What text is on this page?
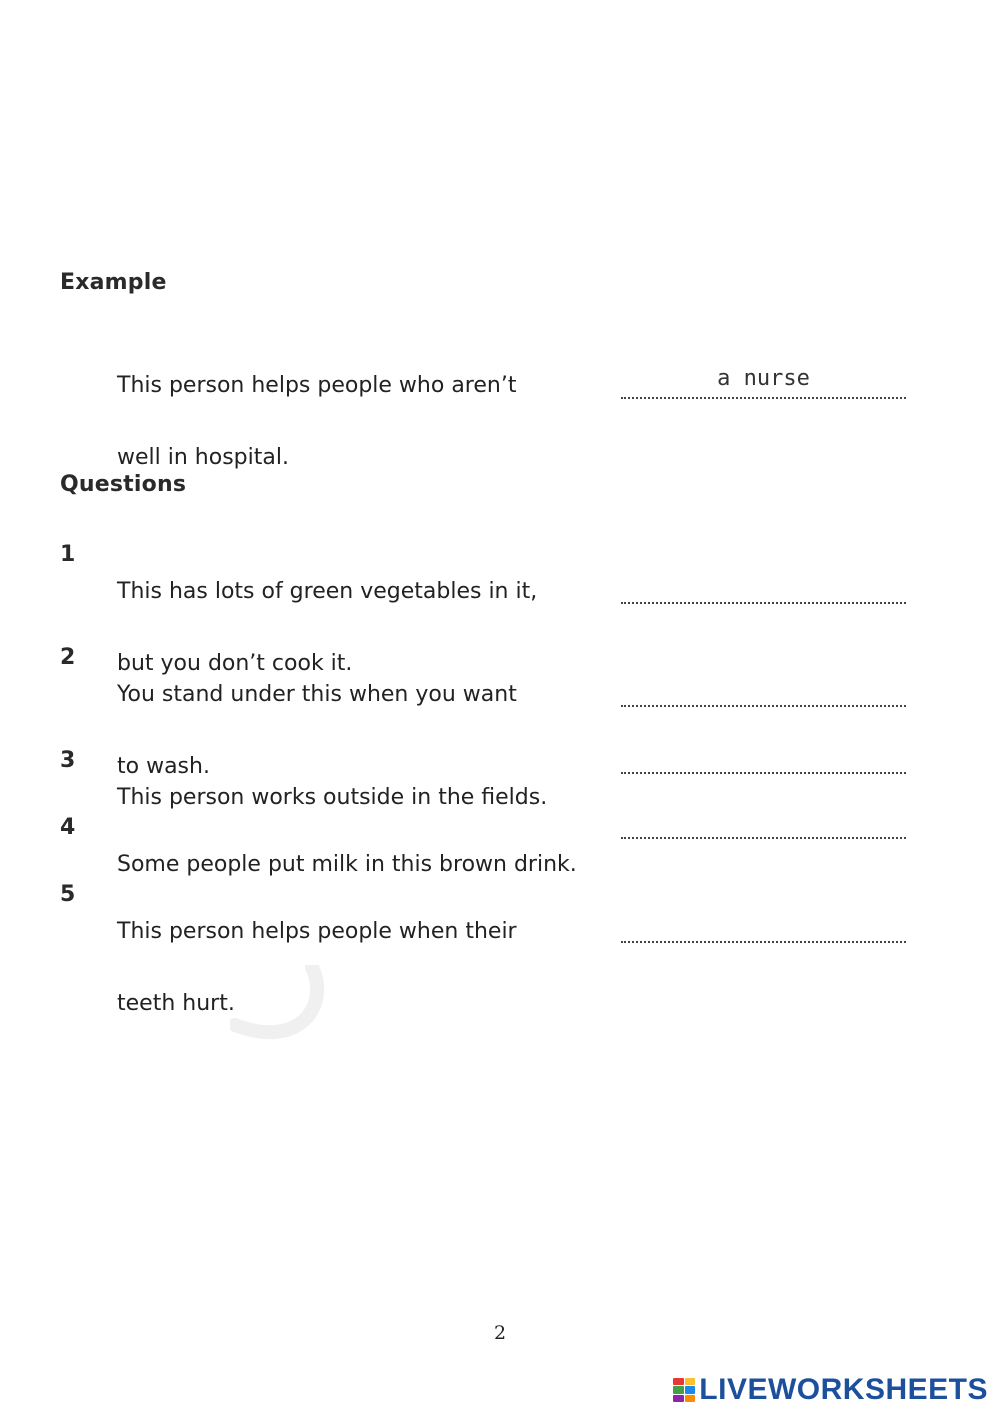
Example

This person helps people who aren’t

well in hospital.

a nurse
Questions
1

This has lots of green vegetables in it,

but you don’t cook it.

2

You stand under this when you want

to wash.

3

This person works outside in the fields.

4

Some people put milk in this brown drink.

5

This person helps people when their

teeth hurt.

2
LIVEWORKSHEETS
